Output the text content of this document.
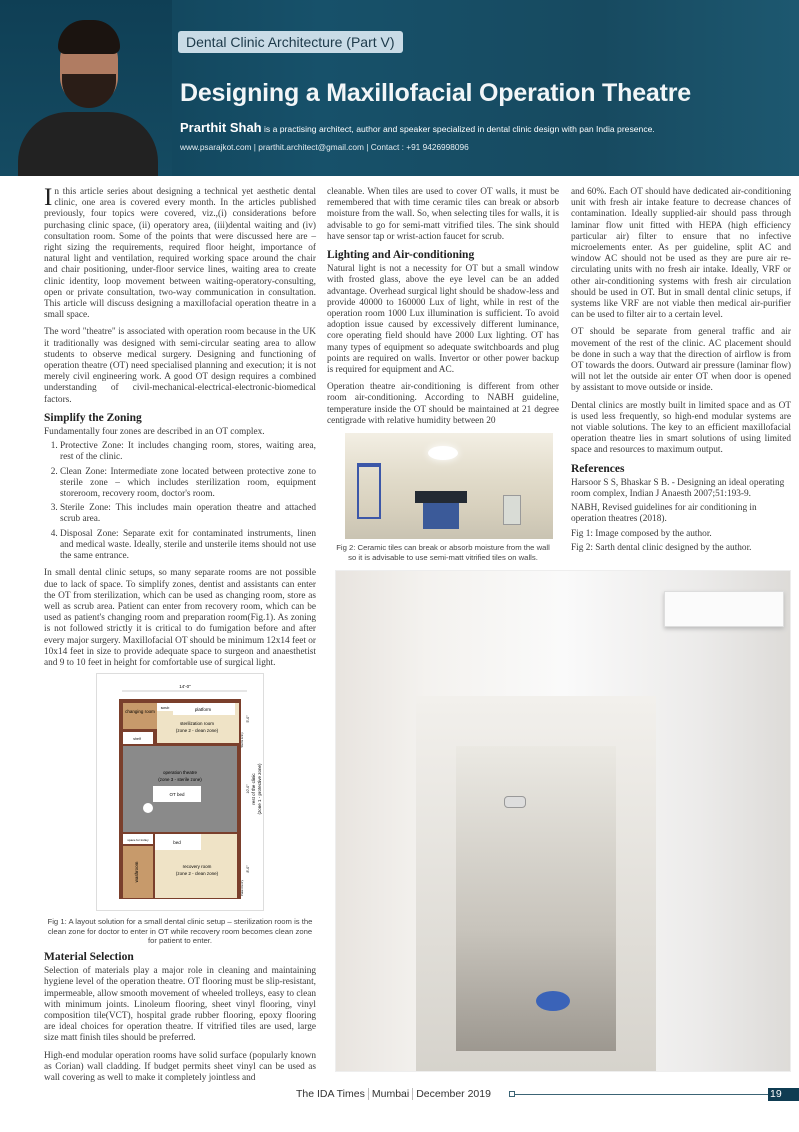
Dental Clinic Architecture (Part V)
Designing a Maxillofacial Operation Theatre
Prarthit Shah is a practising architect, author and speaker specialized in dental clinic design with pan India presence.
www.psarajkot.com | prarthit.architect@gmail.com | Contact : +91 9426998096

In this article series about designing a technical yet aesthetic dental clinic, one area is covered every month. In the articles published previously, four topics were covered, viz.,(i) considerations before purchasing clinic space, (ii) operatory area, (iii)dental waiting and (iv) consultation room. Some of the points that were discussed here are – right sizing the requirements, required floor height, importance of natural light and ventilation, required working space around the chair and chair positioning, under-floor service lines, waiting area to create clinic identity, loop movement between waiting-operatory-consulting, open or private consultation, two-way communication in consultation. This article will discuss designing a maxillofacial operation theatre in a small space.

The word "theatre" is associated with operation room because in the UK it traditionally was designed with semi-circular seating area to allow students to observe medical surgery. Designing and functioning of operation theatre (OT) need specialised planning and execution; it is not merely civil engineering work. A good OT design requires a combined understanding of civil-mechanical-electrical-electronic-biomedical factors.

Simplify the Zoning

Fundamentally four zones are described in an OT complex.

1. Protective Zone: It includes changing room, stores, waiting area, rest of the clinic.
2. Clean Zone: Intermediate zone located between protective zone to sterile zone – which includes sterilization room, equipment storeroom, recovery room, doctor's room.
3. Sterile Zone: This includes main operation theatre and attached scrub area.
4. Disposal Zone: Separate exit for contaminated instruments, linen and medical waste. Ideally, sterile and unsterile items should not use the same entrance.

In small dental clinic setups, so many separate rooms are not possible due to lack of space. To simplify zones, dentist and assistants can enter the OT from sterilization, which can be used as changing room, store as well as scrub area. Patient can enter from recovery room, which can be used as patient's changing room and preparation room(Fig.1). As zoning is not followed strictly it is critical to do fumigation before and after every major surgery. Maxillofacial OT should be minimum 12x14 feet or 10x14 feet in size to provide adequate space to surgeon and anaesthetist and 9 to 10 feet in height for comfortable use of surgical light.

14'-0"
changing room
scrub	platform
sterilization room
(zone 2 - clean zone)
shelf
operation theatre
(zone 3 - sterile zone)
OT bed
space for trolley	bed
washroom	recovery room
(zone 2 - clean zone)
5'-0"
10'-0"
8'-0"
rest of the clinic (zone 1 - protective zone)
Sterile Entry
Patient Entry
Fig 1: A layout solution for a small dental clinic setup – sterilization room is the clean zone for doctor to enter in OT while recovery room becomes clean zone for patient to enter.
Material Selection

Selection of materials play a major role in cleaning and maintaining hygiene level of the operation theatre. OT flooring must be slip-resistant, impermeable, allow smooth movement of wheeled trolleys, easy to clean with minimum joints. Linoleum flooring, sheet vinyl flooring, vinyl composition tile(VCT), hospital grade rubber flooring, epoxy flooring are ideal choices for operation theatre. If vitrified tiles are used, large size matt finish tiles should be preferred.

High-end modular operation rooms have solid surface (popularly known as Corian) wall cladding. If budget permits sheet vinyl can be used as wall covering as well to make it completely jointless and

cleanable. When tiles are used to cover OT walls, it must be remembered that with time ceramic tiles can break or absorb moisture from the wall. So, when selecting tiles for walls, it is advisable to go for semi-matt vitrified tiles. The sink should have sensor tap or wrist-action faucet for scrub.

Lighting and Air-conditioning

Natural light is not a necessity for OT but a small window with frosted glass, above the eye level can be an added advantage. Overhead surgical light should be shadow-less and provide 40000 to 160000 Lux of light, while in rest of the operation room 1000 Lux illumination is sufficient. To avoid adoption issue caused by excessively different luminance, core operating field should have 2000 Lux lighting. OT has many types of equipment so adequate switchboards and plug points are required on walls. Invertor or other power backup is required for equipment and AC.

Operation theatre air-conditioning is different from other room air-conditioning. According to NABH guideline, temperature inside the OT should be maintained at 21 degree centigrade with relative humidity between 20

Fig 2: Ceramic tiles can break or absorb moisture from the wall so it is advisable to use semi-matt vitrified tiles on walls.

and 60%. Each OT should have dedicated air-conditioning unit with fresh air intake feature to decrease chances of contamination. Ideally supplied-air should pass through laminar flow unit fitted with HEPA (high efficiency particular air) filter to ensure that no infective microelements enter. As per guideline, split AC and window AC should not be used as they are pure air re-circulating units with no fresh air intake. Ideally, VRF or other air-conditioning systems with fresh air circulation should be used in OT. But in small dental clinic setups, if systems like VRF are not viable then medical air-purifier can be used to filter air to a certain level.

OT should be separate from general traffic and air movement of the rest of the clinic. AC placement should be done in such a way that the direction of airflow is from OT towards the doors. Outward air pressure (laminar flow) will not let the outside air enter OT when door is opened by assistant to move outside or inside.

Dental clinics are mostly built in limited space and as OT is used less frequently, so high-end modular systems are not viable solutions. The key to an efficient maxillofacial operation theatre lies in smart solutions of using limited space and resources to maximum output.

References

Harsoor S S, Bhaskar S B. - Designing an ideal operating room complex, Indian J Anaesth 2007;51:193-9.

NABH, Revised guidelines for air conditioning in operation theatres (2018).

Fig 1: Image composed by the author.

Fig 2: Sarth dental clinic designed by the author.

The IDA Times Mumbai December 2019	19
